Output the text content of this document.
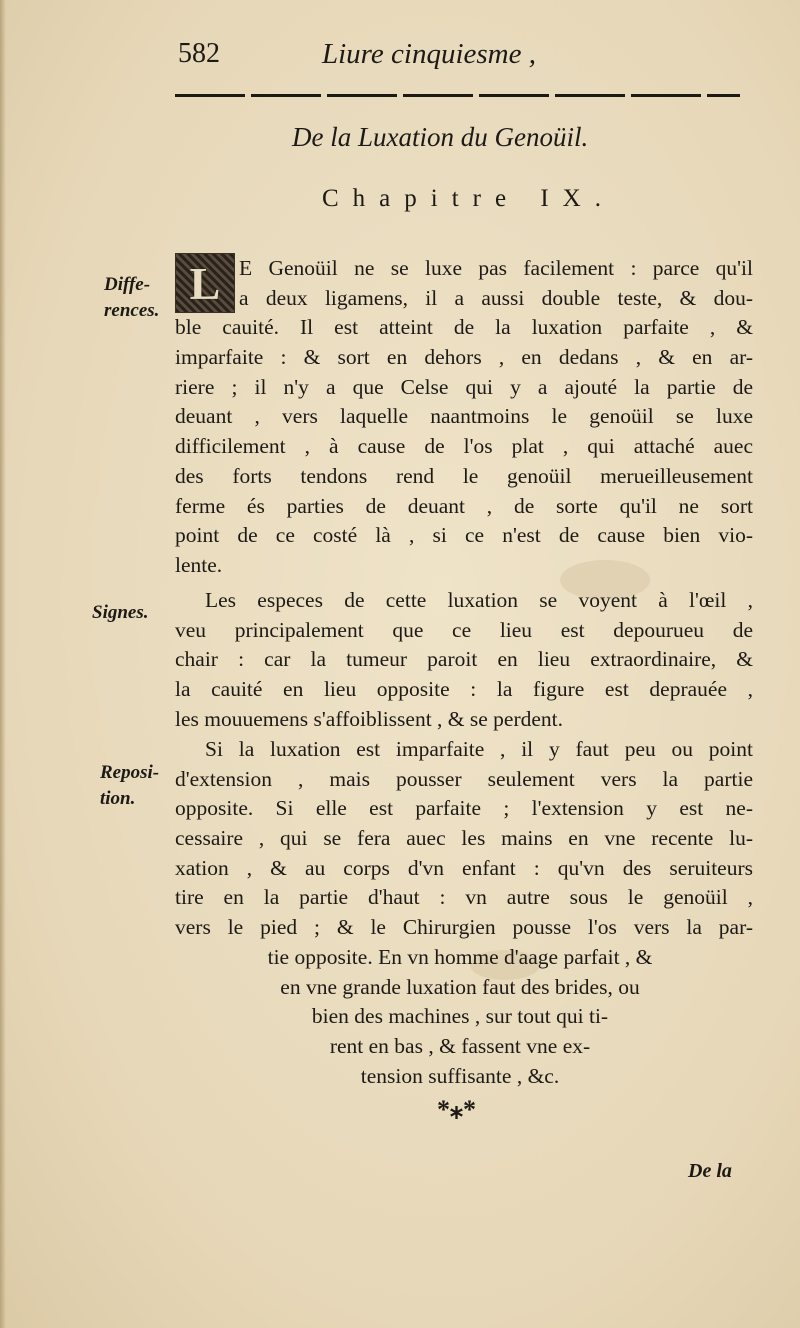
582	Liure cinquiesme ,
De la Luxation du Genoüil.
Chapitre IX.
Diffe-
rences.
Signes.
Reposi-
tion.
L E Genoüil ne se luxe pas facilement : parce qu'il
a deux ligamens, il a aussi double teste, & dou-
ble cauité. Il est atteint de la luxation parfaite , &
imparfaite : & sort en dehors , en dedans , & en ar-
riere ; il n'y a que Celse qui y a ajouté la partie de
deuant , vers laquelle naantmoins le genoüil se luxe
difficilement , à cause de l'os plat , qui attaché auec
des forts tendons rend le genoüil merueilleusement
ferme és parties de deuant , de sorte qu'il ne sort
point de ce costé là , si ce n'est de cause bien vio-
lente.
Les especes de cette luxation se voyent à l'œil ,
veu principalement que ce lieu est depourueu de
chair : car la tumeur paroit en lieu extraordinaire, &
la cauité en lieu opposite : la figure est deprauée ,
les mouuemens s'affoiblissent , & se perdent.
Si la luxation est imparfaite , il y faut peu ou point
d'extension , mais pousser seulement vers la partie
opposite. Si elle est parfaite ; l'extension y est ne-
cessaire , qui se fera auec les mains en vne recente lu-
xation , & au corps d'vn enfant : qu'vn des seruiteurs
tire en la partie d'haut : vn autre sous le genoüil ,
vers le pied ; & le Chirurgien pousse l'os vers la par-
tie opposite. En vn homme d'aage parfait , &
en vne grande luxation faut des brides, ou
bien des machines , sur tout qui ti-
rent en bas , & fassent vne ex-
tension suffisante , &c.
*⁎*
De la
